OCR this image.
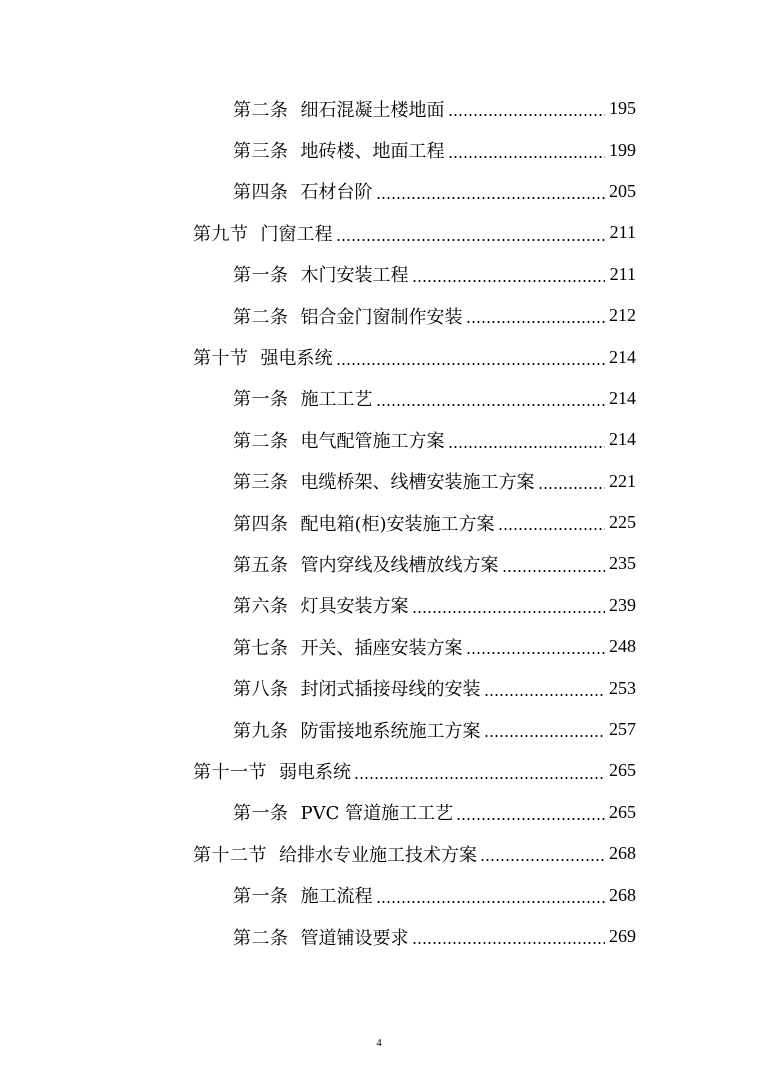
第二条 细石混凝土楼地面	195
第三条 地砖楼、地面工程	199
第四条 石材台阶	205
第九节 门窗工程	211
第一条 木门安装工程	211
第二条 铝合金门窗制作安装	212
第十节 强电系统	214
第一条 施工工艺	214
第二条 电气配管施工方案	214
第三条 电缆桥架、线槽安装施工方案	221
第四条 配电箱(柜)安装施工方案	225
第五条 管内穿线及线槽放线方案	235
第六条 灯具安装方案	239
第七条 开关、插座安装方案	248
第八条 封闭式插接母线的安装	253
第九条 防雷接地系统施工方案	257
第十一节 弱电系统	265
第一条 PVC 管道施工工艺	265
第十二节 给排水专业施工技术方案	268
第一条 施工流程	268
第二条 管道铺设要求	269
4
